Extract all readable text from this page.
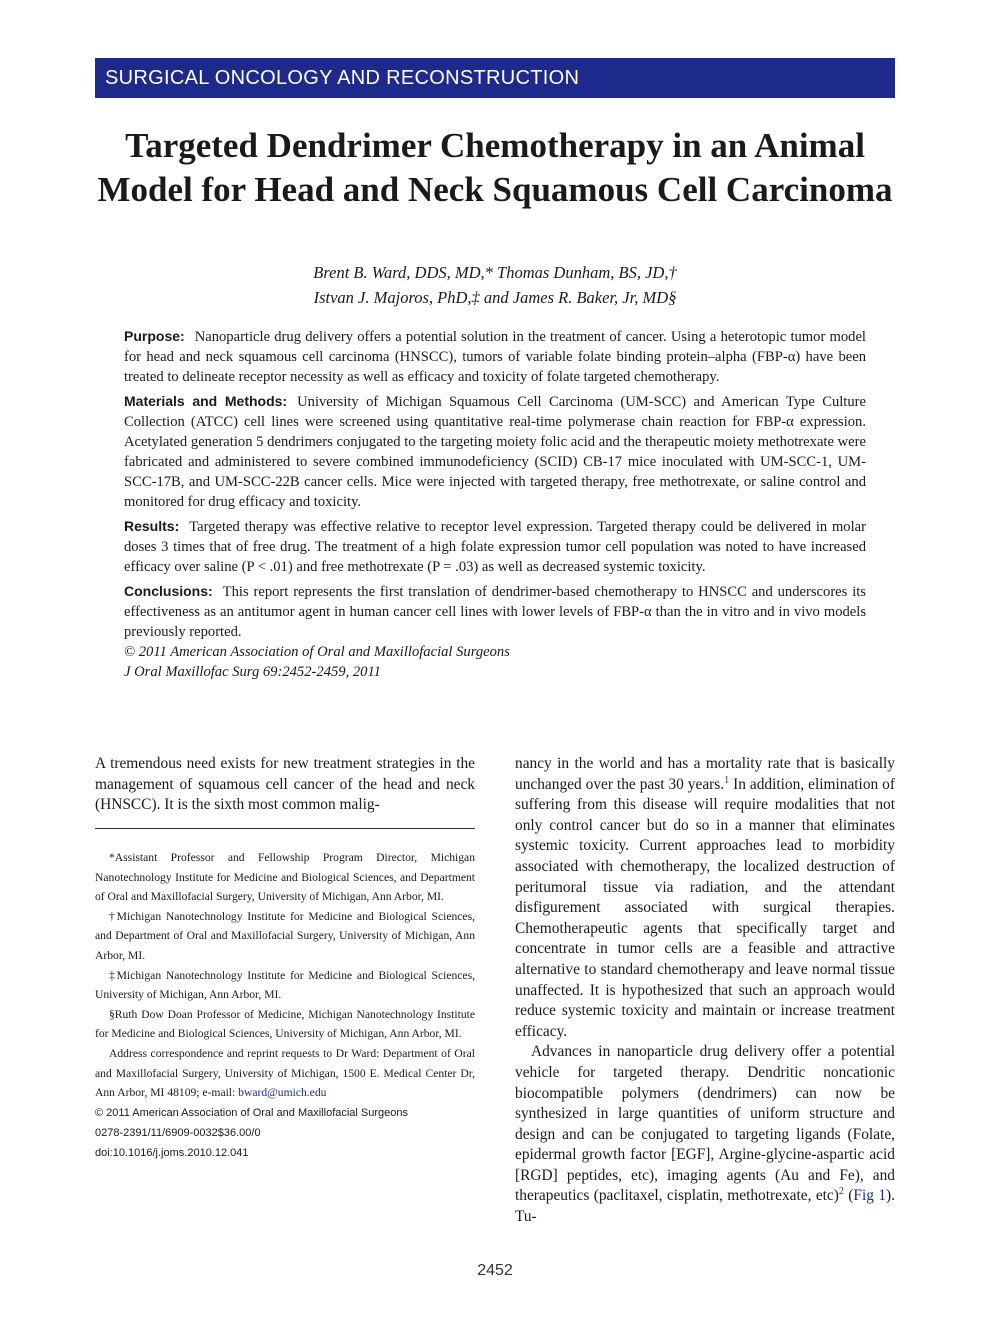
SURGICAL ONCOLOGY AND RECONSTRUCTION
Targeted Dendrimer Chemotherapy in an Animal Model for Head and Neck Squamous Cell Carcinoma
Brent B. Ward, DDS, MD,* Thomas Dunham, BS, JD,†
Istvan J. Majoros, PhD,‡ and James R. Baker, Jr, MD§

Purpose: Nanoparticle drug delivery offers a potential solution in the treatment of cancer. Using a heterotopic tumor model for head and neck squamous cell carcinoma (HNSCC), tumors of variable folate binding protein–alpha (FBP-α) have been treated to delineate receptor necessity as well as efficacy and toxicity of folate targeted chemotherapy.

Materials and Methods: University of Michigan Squamous Cell Carcinoma (UM-SCC) and American Type Culture Collection (ATCC) cell lines were screened using quantitative real-time polymerase chain reaction for FBP-α expression. Acetylated generation 5 dendrimers conjugated to the targeting moiety folic acid and the therapeutic moiety methotrexate were fabricated and administered to severe combined immunodeficiency (SCID) CB-17 mice inoculated with UM-SCC-1, UM-SCC-17B, and UM-SCC-22B cancer cells. Mice were injected with targeted therapy, free methotrexate, or saline control and monitored for drug efficacy and toxicity.

Results: Targeted therapy was effective relative to receptor level expression. Targeted therapy could be delivered in molar doses 3 times that of free drug. The treatment of a high folate expression tumor cell population was noted to have increased efficacy over saline (P < .01) and free methotrexate (P = .03) as well as decreased systemic toxicity.

Conclusions: This report represents the first translation of dendrimer-based chemotherapy to HNSCC and underscores its effectiveness as an antitumor agent in human cancer cell lines with lower levels of FBP-α than the in vitro and in vivo models previously reported.

© 2011 American Association of Oral and Maxillofacial Surgeons

J Oral Maxillofac Surg 69:2452-2459, 2011

A tremendous need exists for new treatment strategies in the management of squamous cell cancer of the head and neck (HNSCC). It is the sixth most common malig-

*Assistant Professor and Fellowship Program Director, Michigan Nanotechnology Institute for Medicine and Biological Sciences, and Department of Oral and Maxillofacial Surgery, University of Michigan, Ann Arbor, MI.

†Michigan Nanotechnology Institute for Medicine and Biological Sciences, and Department of Oral and Maxillofacial Surgery, University of Michigan, Ann Arbor, MI.

‡Michigan Nanotechnology Institute for Medicine and Biological Sciences, University of Michigan, Ann Arbor, MI.

§Ruth Dow Doan Professor of Medicine, Michigan Nanotechnology Institute for Medicine and Biological Sciences, University of Michigan, Ann Arbor, MI.

Address correspondence and reprint requests to Dr Ward: Department of Oral and Maxillofacial Surgery, University of Michigan, 1500 E. Medical Center Dr, Ann Arbor, MI 48109; e-mail: bward@umich.edu

© 2011 American Association of Oral and Maxillofacial Surgeons

0278-2391/11/6909-0032$36.00/0

doi:10.1016/j.joms.2010.12.041

nancy in the world and has a mortality rate that is basically unchanged over the past 30 years.$^1$ In addition, elimination of suffering from this disease will require modalities that not only control cancer but do so in a manner that eliminates systemic toxicity. Current approaches lead to morbidity associated with chemotherapy, the localized destruction of peritumoral tissue via radiation, and the attendant disfigurement associated with surgical therapies. Chemotherapeutic agents that specifically target and concentrate in tumor cells are a feasible and attractive alternative to standard chemotherapy and leave normal tissue unaffected. It is hypothesized that such an approach would reduce systemic toxicity and maintain or increase treatment efficacy.

Advances in nanoparticle drug delivery offer a potential vehicle for targeted therapy. Dendritic noncationic biocompatible polymers (dendrimers) can now be synthesized in large quantities of uniform structure and design and can be conjugated to targeting ligands (Folate, epidermal growth factor [EGF], Argine-glycine-aspartic acid [RGD] peptides, etc), imaging agents (Au and Fe), and therapeutics (paclitaxel, cisplatin, methotrexate, etc)$^2$ (Fig 1). Tu-

2452
